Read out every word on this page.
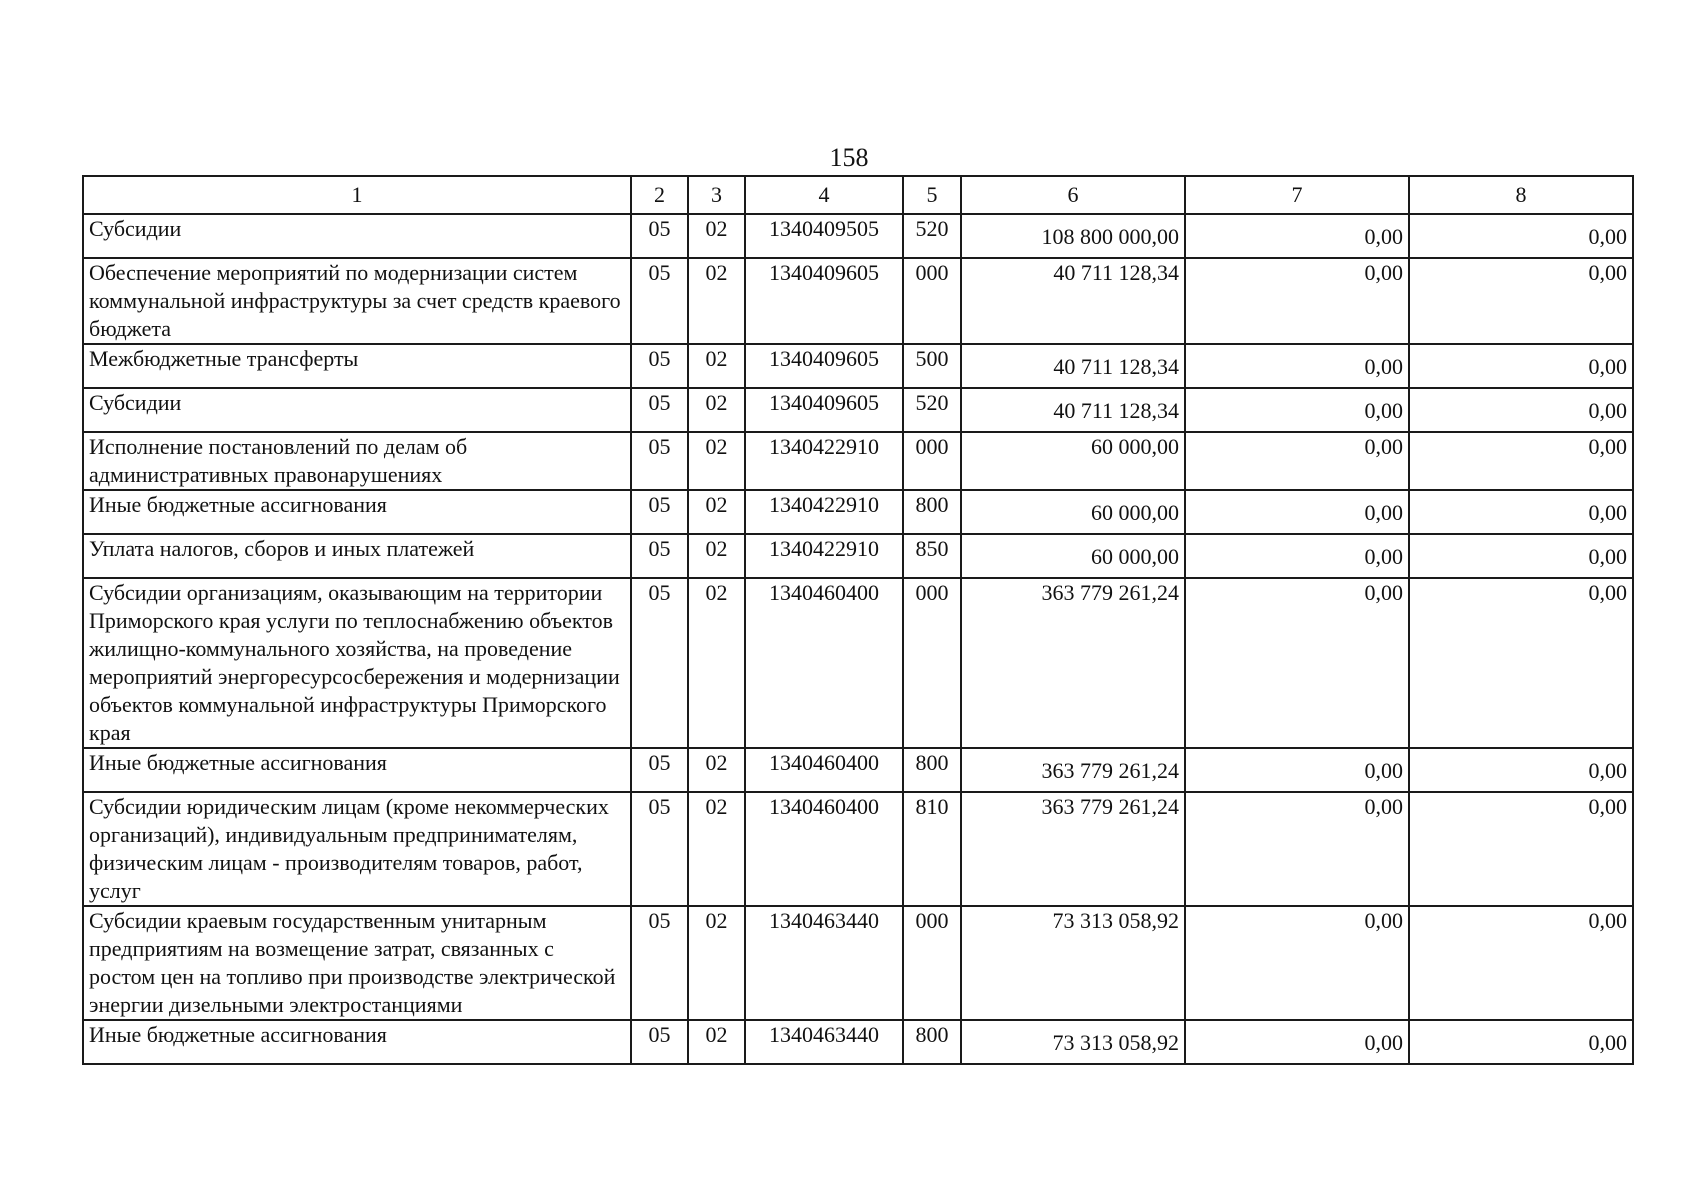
158
1	2	3	4	5	6	7	8
Субсидии	05	02	1340409505	520	108 800 000,00	0,00	0,00
Обеспечение мероприятий по модернизации систем коммунальной инфраструктуры за счет средств краевого бюджета	05	02	1340409605	000	40 711 128,34	0,00	0,00
Межбюджетные трансферты	05	02	1340409605	500	40 711 128,34	0,00	0,00
Субсидии	05	02	1340409605	520	40 711 128,34	0,00	0,00
Исполнение постановлений по делам об административных правонарушениях	05	02	1340422910	000	60 000,00	0,00	0,00
Иные бюджетные ассигнования	05	02	1340422910	800	60 000,00	0,00	0,00
Уплата налогов, сборов и иных платежей	05	02	1340422910	850	60 000,00	0,00	0,00
Субсидии организациям, оказывающим на территории Приморского края услуги по теплоснабжению объектов жилищно-коммунального хозяйства, на проведение мероприятий энергоресурсосбережения и модернизации объектов коммунальной инфраструктуры Приморского края	05	02	1340460400	000	363 779 261,24	0,00	0,00
Иные бюджетные ассигнования	05	02	1340460400	800	363 779 261,24	0,00	0,00
Субсидии юридическим лицам (кроме некоммерческих организаций), индивидуальным предпринимателям, физическим лицам - производителям товаров, работ, услуг	05	02	1340460400	810	363 779 261,24	0,00	0,00
Субсидии краевым государственным унитарным предприятиям на возмещение затрат, связанных с ростом цен на топливо при производстве электрической энергии дизельными электростанциями	05	02	1340463440	000	73 313 058,92	0,00	0,00
Иные бюджетные ассигнования	05	02	1340463440	800	73 313 058,92	0,00	0,00
